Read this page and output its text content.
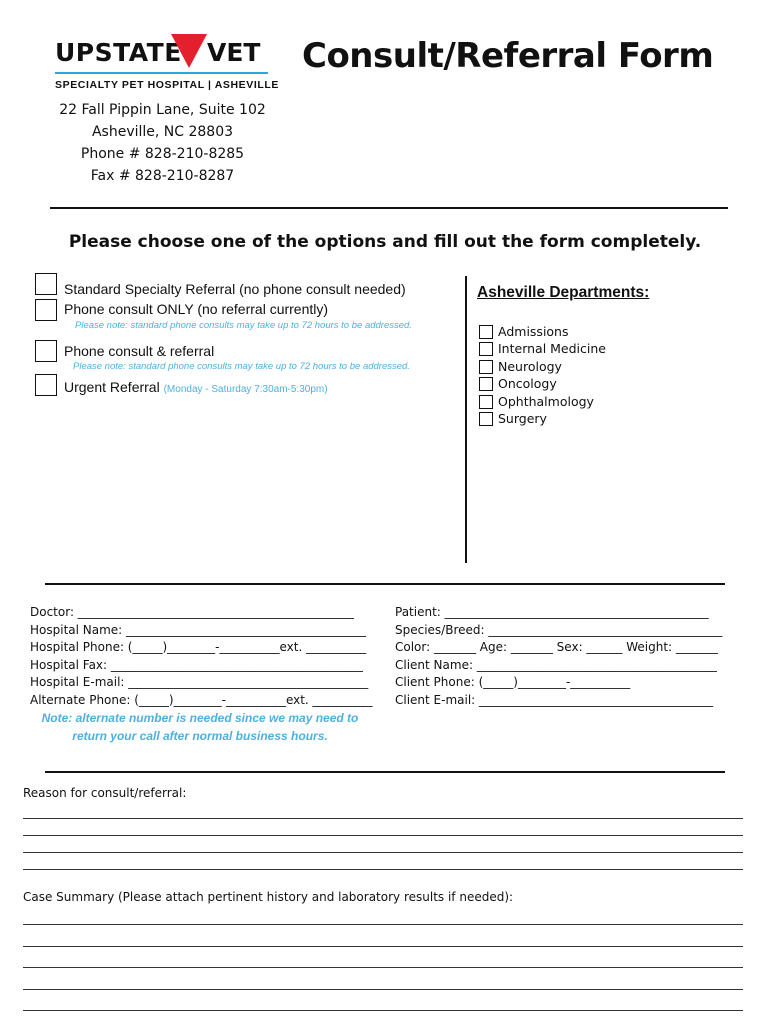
UPSTATE VET
SPECIALTY PET HOSPITAL | ASHEVILLE
Consult/Referral Form
22 Fall Pippin Lane, Suite 102
Asheville, NC 28803
Phone # 828-210-8285
Fax # 828-210-8287
Please choose one of the options and fill out the form completely.
Standard Specialty Referral (no phone consult needed)
Phone consult ONLY (no referral currently)
Please note: standard phone consults may take up to 72 hours to be addressed.
Phone consult & referral
Please note: standard phone consults may take up to 72 hours to be addressed.
Urgent Referral (Monday - Saturday 7:30am-5:30pm)
Asheville Departments:
Admissions
Internal Medicine
Neurology
Oncology
Ophthalmology
Surgery
Doctor: ______________________________________________
Hospital Name: ________________________________________
Hospital Phone: (_____)________-__________ext. __________
Hospital Fax: __________________________________________
Hospital E-mail: ________________________________________
Alternate Phone: (_____)________-__________ext. __________
Note: alternate number is needed since we may need to
return your call after normal business hours.
Patient: ____________________________________________
Species/Breed: _______________________________________
Color: _______ Age: _______ Sex: ______ Weight: _______
Client Name: ________________________________________
Client Phone: (_____)________-__________
Client E-mail: _______________________________________
Reason for consult/referral:
Case Summary (Please attach pertinent history and laboratory results if needed):
